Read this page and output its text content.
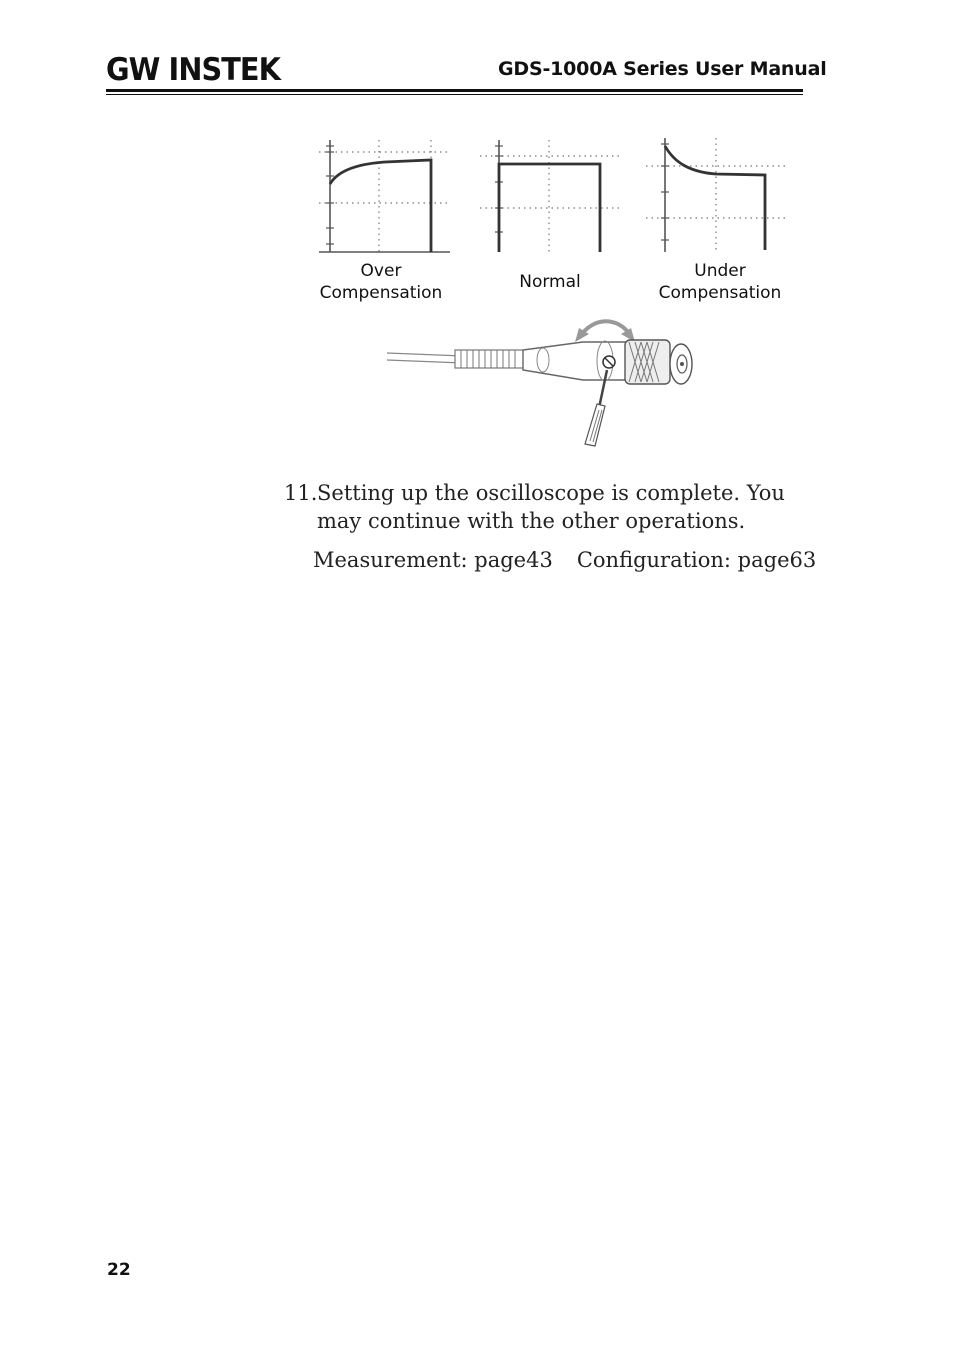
GW INSTEK	GDS-1000A Series User Manual
Over
Compensation
Normal
Under
Compensation
11. Setting up the oscilloscope is complete. You
may continue with the other operations.
Measurement: page43 Configuration: page63
22
